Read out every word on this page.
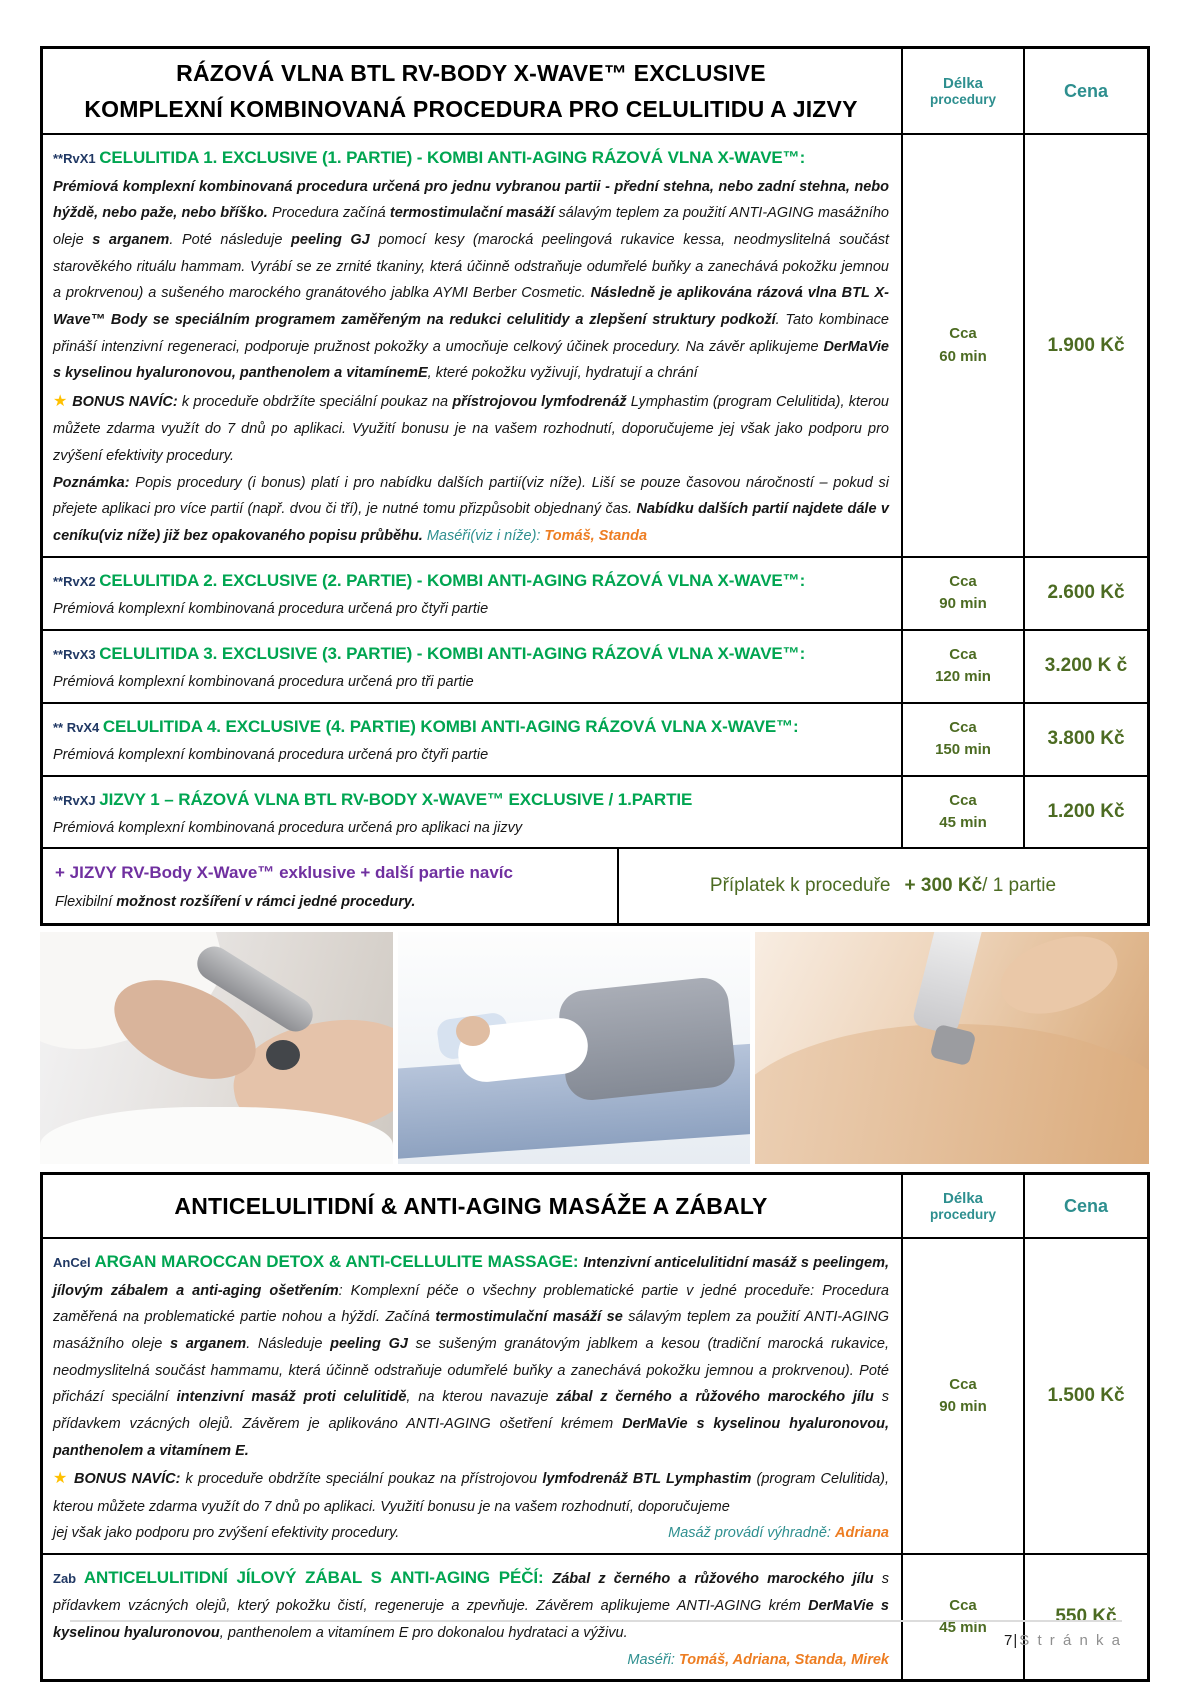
RÁZOVÁ VLNA BTL RV-BODY X-WAVE™ EXCLUSIVE
KOMPLEXNÍ KOMBINOVANÁ PROCEDURA PRO CELULITIDU A JIZVY
Délka
procedury	Cena
**RvX1 CELULITIDA 1. EXCLUSIVE (1. PARTIE) - KOMBI ANTI-AGING RÁZOVÁ VLNA X-WAVE™:
Prémiová komplexní kombinovaná procedura určená pro jednu vybranou partii - přední stehna, nebo zadní stehna, nebo hýždě, nebo paže, nebo bříško. Procedura začíná termostimulační masáží sálavým teplem za použití ANTI-AGING masážního oleje s arganem. Poté následuje peeling GJ pomocí kesy (marocká peelingová rukavice kessa, neodmyslitelná součást starověkého rituálu hammam. Vyrábí se ze zrnité tkaniny, která účinně odstraňuje odumřelé buňky a zanechává pokožku jemnou a prokrvenou) a sušeného marockého granátového jablka AYMI Berber Cosmetic. Následně je aplikována rázová vlna BTL X-Wave™ Body se speciálním programem zaměřeným na redukci celulitidy a zlepšení struktury podkoží. Tato kombinace přináší intenzivní regeneraci, podporuje pružnost pokožky a umocňuje celkový účinek procedury. Na závěr aplikujeme DerMaVie s kyselinou hyaluronovou, panthenolem a vitamínemE, které pokožku vyživují, hydratují a chrání
★ BONUS NAVÍC: k proceduře obdržíte speciální poukaz na přístrojovou lymfodrenáž Lymphastim (program Celulitida), kterou můžete zdarma využít do 7 dnů po aplikaci. Využití bonusu je na vašem rozhodnutí, doporučujeme jej však jako podporu pro zvýšení efektivity procedury.
Poznámka: Popis procedury (i bonus) platí i pro nabídku dalších partií(viz níže). Liší se pouze časovou náročností – pokud si přejete aplikaci pro více partií (např. dvou či tří), je nutné tomu přizpůsobit objednaný čas. Nabídku dalších partií najdete dále v ceníku(viz níže) již bez opakovaného popisu průběhu. Maséři(viz i níže): Tomáš, Standa
Cca
60 min
1.900 Kč
**RvX2 CELULITIDA 2. EXCLUSIVE (2. PARTIE) - KOMBI ANTI-AGING RÁZOVÁ VLNA X-WAVE™:
Prémiová komplexní kombinovaná procedura určená pro čtyři partie
Cca
90 min
2.600 Kč
**RvX3 CELULITIDA 3. EXCLUSIVE (3. PARTIE) - KOMBI ANTI-AGING RÁZOVÁ VLNA X-WAVE™:
Prémiová komplexní kombinovaná procedura určená pro tři partie
Cca
120 min
3.200 K č
** RvX4 CELULITIDA 4. EXCLUSIVE (4. PARTIE) KOMBI ANTI-AGING RÁZOVÁ VLNA X-WAVE™:
Prémiová komplexní kombinovaná procedura určená pro čtyři partie
Cca
150 min
3.800 Kč
**RvXJ JIZVY 1 – RÁZOVÁ VLNA BTL RV-BODY X-WAVE™ EXCLUSIVE / 1.PARTIE
Prémiová komplexní kombinovaná procedura určená pro aplikaci na jizvy
Cca
45 min
1.200 Kč
+ JIZVY RV-Body X-Wave™ exklusive + další partie navíc
Flexibilní možnost rozšíření v rámci jedné procedury.
Příplatek k proceduře + 300 Kč / 1 partie
ANTICELULITIDNÍ & ANTI-AGING MASÁŽE A ZÁBALY	Délka
procedury	Cena
AnCel ARGAN MAROCCAN DETOX & ANTI-CELLULITE MASSAGE: Intenzivní anticelulitidní masáž s peelingem, jílovým zábalem a anti-aging ošetřením: Komplexní péče o všechny problematické partie v jedné proceduře: Procedura zaměřená na problematické partie nohou a hýždí. Začíná termostimulační masáží se sálavým teplem za použití ANTI-AGING masážního oleje s arganem. Následuje peeling GJ se sušeným granátovým jablkem a kesou (tradiční marocká rukavice, neodmyslitelná součást hammamu, která účinně odstraňuje odumřelé buňky a zanechává pokožku jemnou a prokrvenou). Poté přichází speciální intenzivní masáž proti celulitidě, na kterou navazuje zábal z černého a růžového marockého jílu s přídavkem vzácných olejů. Závěrem je aplikováno ANTI-AGING ošetření krémem DerMaVie s kyselinou hyaluronovou, panthenolem a vitamínem E.
★ BONUS NAVÍC: k proceduře obdržíte speciální poukaz na přístrojovou lymfodrenáž BTL Lymphastim (program Celulitida), kterou můžete zdarma využít do 7 dnů po aplikaci. Využití bonusu je na vašem rozhodnutí, doporučujeme
jej však jako podporu pro zvýšení efektivity procedury.	Masáž provádí výhradně: Adriana
Cca
90 min
1.500 Kč
Zab ANTICELULITIDNÍ JÍLOVÝ ZÁBAL S ANTI-AGING PÉČÍ: Zábal z černého a růžového marockého jílu s přídavkem vzácných olejů, který pokožku čistí, regeneruje a zpevňuje. Závěrem aplikujeme ANTI-AGING krém DerMaVie s kyselinou hyaluronovou, panthenolem a vitamínem E pro dokonalou hydrataci a výživu.
Maséři: Tomáš, Adriana, Standa, Mirek
Cca
45 min
550 Kč
7| S t r á n k a
